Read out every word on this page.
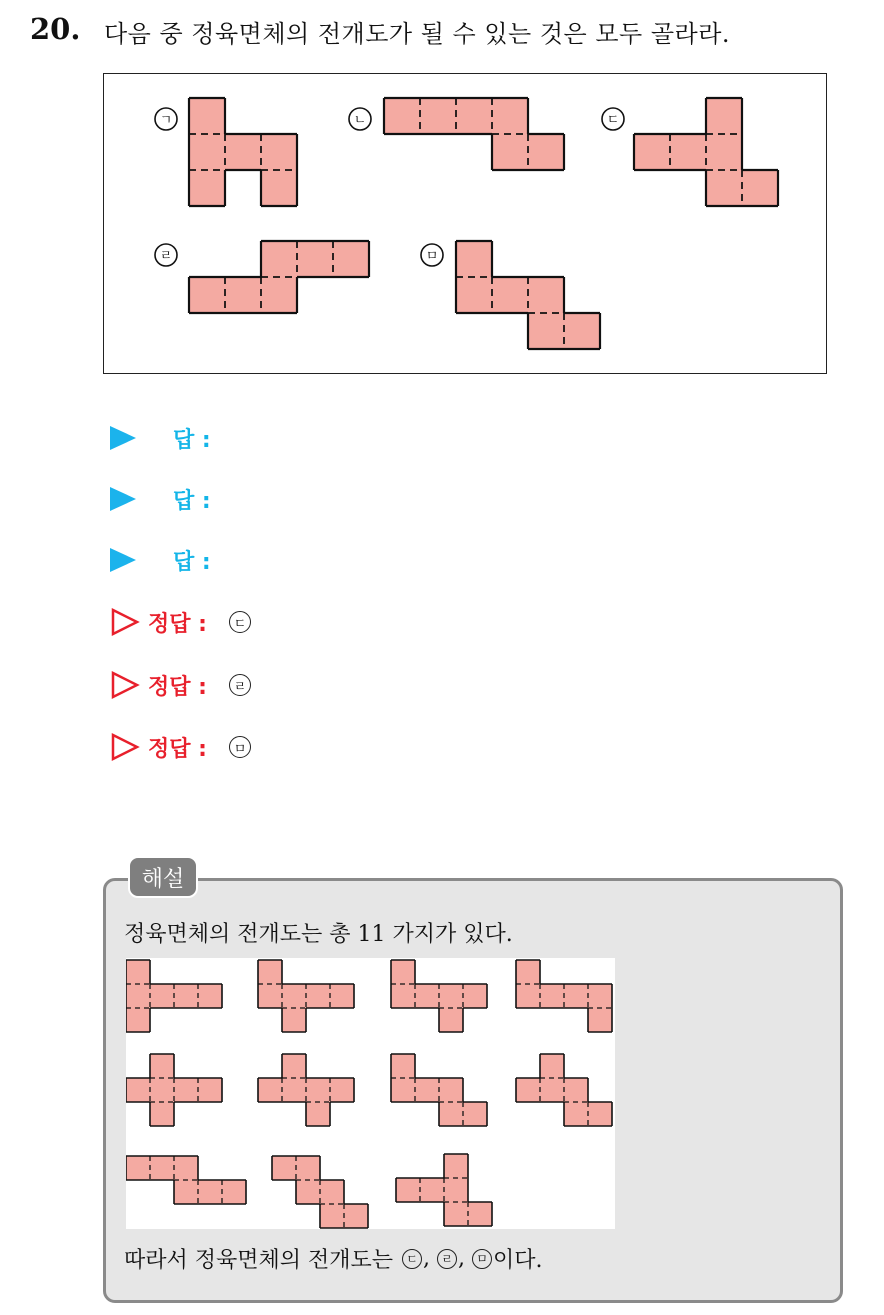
20. 다음 중 정육면체의 전개도가 될 수 있는 것은 모두 골라라.
ㄱ	ㄴ	ㄷ
ㄹ	ㅁ
답 :
답 :
답 :
정답 :	ㄷ
정답 :	ㄹ
정답 :	ㅁ
해설
정육면체의 전개도는 총 11 가지가 있다.
따라서 정육면체의 전개도는	ㄷ , ㄹ , ㅁ 이다.
